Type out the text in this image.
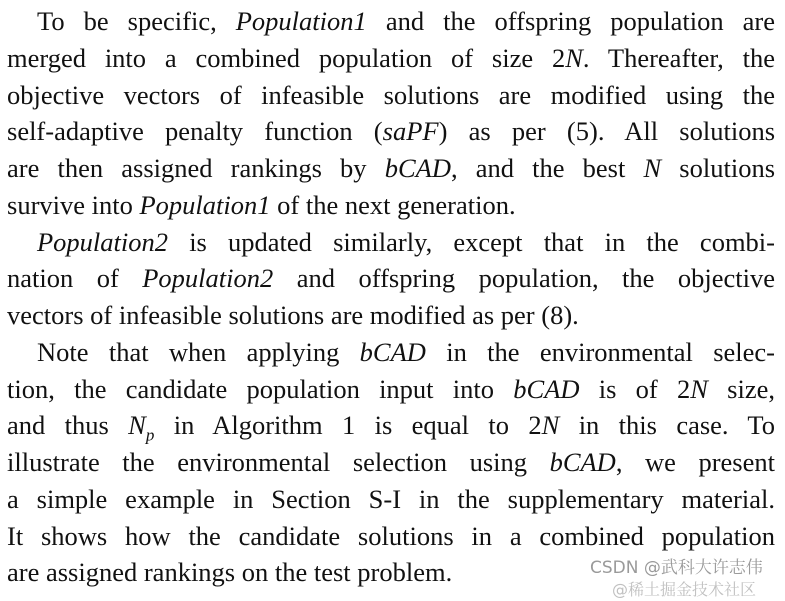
To be specific, Population1 and the offspring population are
merged into a combined population of size 2N. Thereafter, the
objective vectors of infeasible solutions are modified using the
self-adaptive penalty function (saPF) as per (5). All solutions
are then assigned rankings by bCAD, and the best N solutions
survive into Population1 of the next generation.
Population2 is updated similarly, except that in the combi-
nation of Population2 and offspring population, the objective
vectors of infeasible solutions are modified as per (8).
Note that when applying bCAD in the environmental selec-
tion, the candidate population input into bCAD is of 2N size,
and thus $N_p$ in Algorithm 1 is equal to 2N in this case. To
illustrate the environmental selection using bCAD, we present
a simple example in Section S-I in the supplementary material.
It shows how the candidate solutions in a combined population
are assigned rankings on the test problem.	CSDN @武科大许志伟
@稀土掘金技术社区
